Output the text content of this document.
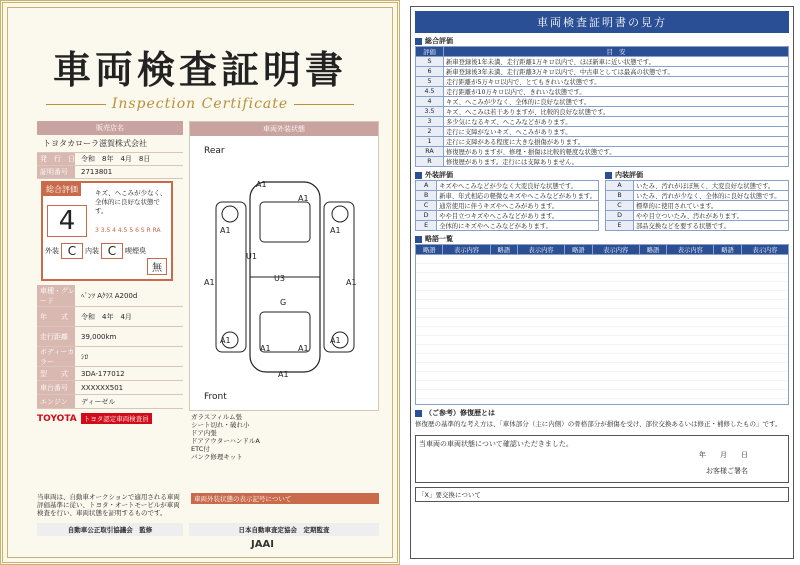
車両検査証明書
Inspection Certificate
販売店名
トヨタカローラ滋賀株式会社
発　行　日 令和　8年　4月　8日
証明番号	2713801
総合評価
4
キズ、へこみが少なく、全体的に良好な状態です。
3 3.5 4 4.5 5 6 S R RA
外装 C	内装 C	喫煙臭
無
車種・グレード
ﾍﾞﾝﾂ Aｸﾗｽ A200d
年　　式	令和　4年　4月
走行距離	39,000km
ボディーカラー
ｼﾛ
型　　式	3DA-177012
車台番号	XXXXXX501
エンジン	ディーゼル
TOYOTA	トヨタ認定車両検査員
当車両は、自動車オークションで適用される車両評価基準に従い、トヨタ・オートモービルが車両検査を行い、車両状態を証明するものです。
自動車公正取引協議会　監修	日本自動車査定協会　定期監査
JAAI
車両外装状態
Rear
Front
A1
A1
A1	A1
U1
U3
A1	A1
G
A1	A1
A1	A1
A1
ガラスフィルム張
シート切れ・破れ小
ドア内張
ドアアウターハンドルA
ETC付
バンク修理キット
車両外装状態の表示記号について
車両検査証明書の見方
総合評価
評価	目　安
S	新車登録後1年未満、走行距離1万キロ以内で、ほぼ新車に近い状態です。
6	新車登録後3年未満、走行距離3万キロ以内で、中古車としては最高の状態です。
5	走行距離が5万キロ以内で、とてもきれいな状態です。
4.5	走行距離が10万キロ以内で、きれいな状態です。
4	キズ、へこみが少なく、全体的に良好な状態です。
3.5	キズ、へこみは若干ありますが、比較的良好な状態です。
3	多少気になるキズ、へこみなどがあります。
2	走行に支障がないキズ、へこみがあります。
1	走行に支障がある程度に大きな損傷があります。
RA	修復歴がありますが、修理・損傷は比較的軽度な状態です。
R	修復歴があります。走行には支障ありません。
外装評価
A	キズやへこみなどが少なく大変良好な状態です。
B	新車、年式相応の軽微なキズやへこみなどがあります。
C	通常使用に伴うキズやへこみがあります。
D	やや目立つキズやへこみなどがあります。
E	全体的にキズやへこみなどがあります。
内装評価
A	いたみ、汚れがほぼ無く、大変良好な状態です。
B	いたみ、汚れが少なく、全体的に良好な状態です。
C	標準的に使用されています。
D	やや目立ついたみ、汚れがあります。
E	部品交換などを要する状態です。
略語一覧
略語	表示内容	略語	表示内容	略語	表示内容	略語	表示内容	略語	表示内容
（ご参考）修復歴とは
修復歴の基準的な考え方は、「車体部分（主に内側）の骨格部分が損傷を受け、部位交換あるいは修正・補修したもの」です。
当車両の車両状態について確認いただきました。
年　　月　　日
お客様ご署名
「X」要交換について
